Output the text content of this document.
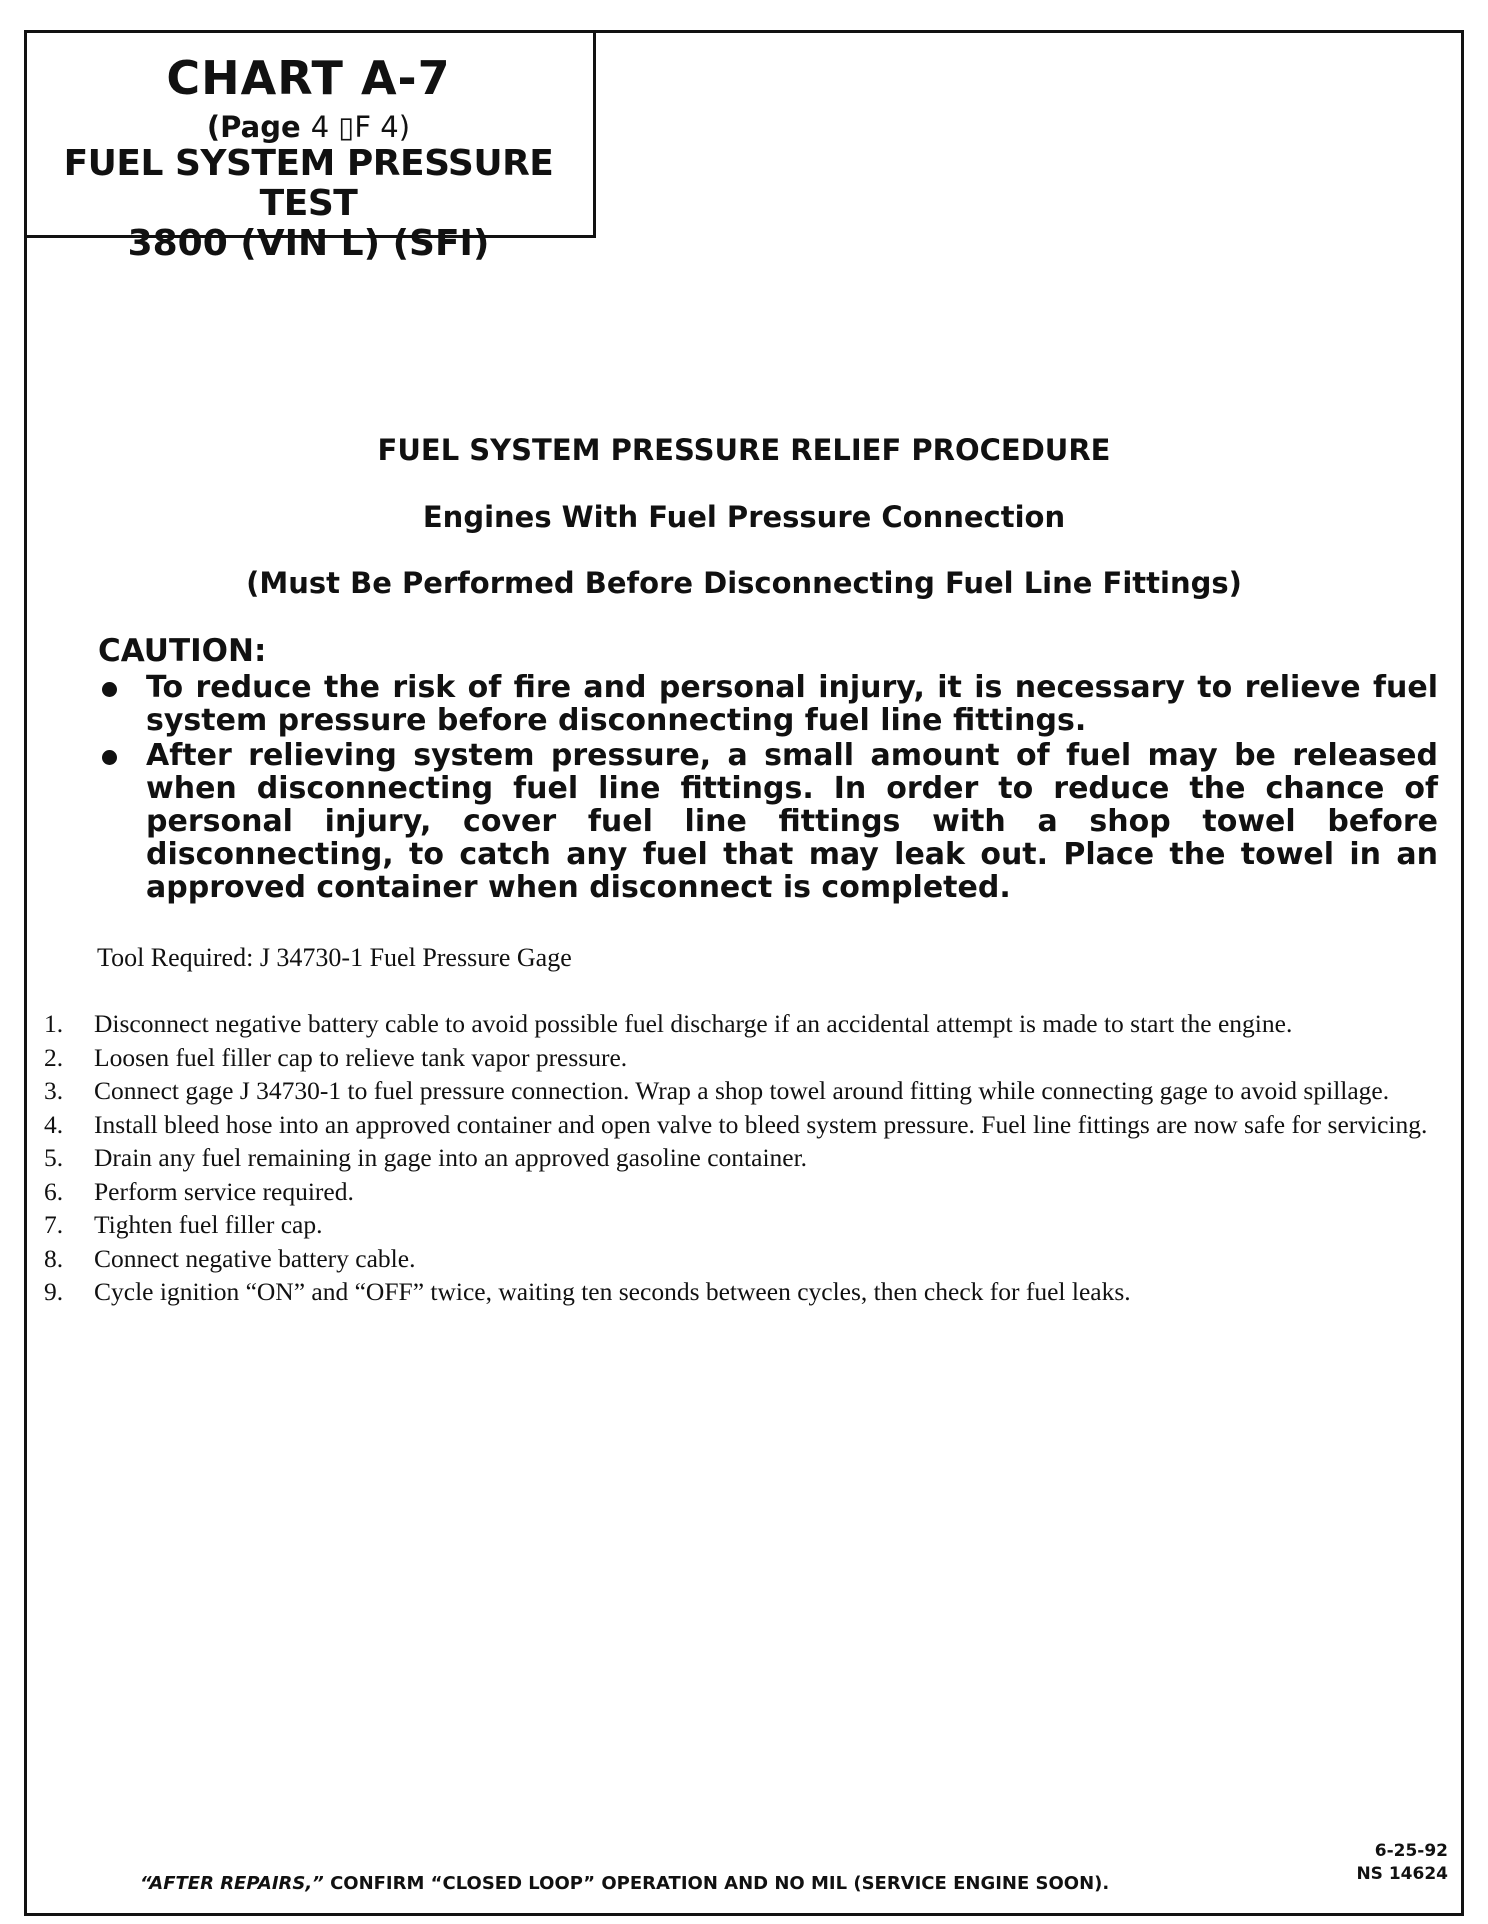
CHART A-7
(Page 4 ▯F 4)
FUEL SYSTEM PRESSURE TEST
3800 (VIN L) (SFI)
FUEL SYSTEM PRESSURE RELIEF PROCEDURE
Engines With Fuel Pressure Connection
(Must Be Performed Before Disconnecting Fuel Line Fittings)
CAUTION:
To reduce the risk of fire and personal injury, it is necessary to relieve fuel system pressure before disconnecting fuel line fittings.
After relieving system pressure, a small amount of fuel may be released when disconnecting fuel line fittings. In order to reduce the chance of personal injury, cover fuel line fittings with a shop towel before disconnecting, to catch any fuel that may leak out. Place the towel in an approved container when disconnect is completed.
Tool Required: J 34730-1 Fuel Pressure Gage
1. Disconnect negative battery cable to avoid possible fuel discharge if an accidental attempt is made to start the engine.
2. Loosen fuel filler cap to relieve tank vapor pressure.
3. Connect gage J 34730-1 to fuel pressure connection. Wrap a shop towel around fitting while connecting gage to avoid spillage.
4. Install bleed hose into an approved container and open valve to bleed system pressure. Fuel line fittings are now safe for servicing.
5. Drain any fuel remaining in gage into an approved gasoline container.
6. Perform service required.
7. Tighten fuel filler cap.
8. Connect negative battery cable.
9. Cycle ignition “ON” and “OFF” twice, waiting ten seconds between cycles, then check for fuel leaks.
“AFTER REPAIRS,” CONFIRM “CLOSED LOOP” OPERATION AND NO MIL (SERVICE ENGINE SOON).
6-25-92
NS 14624
